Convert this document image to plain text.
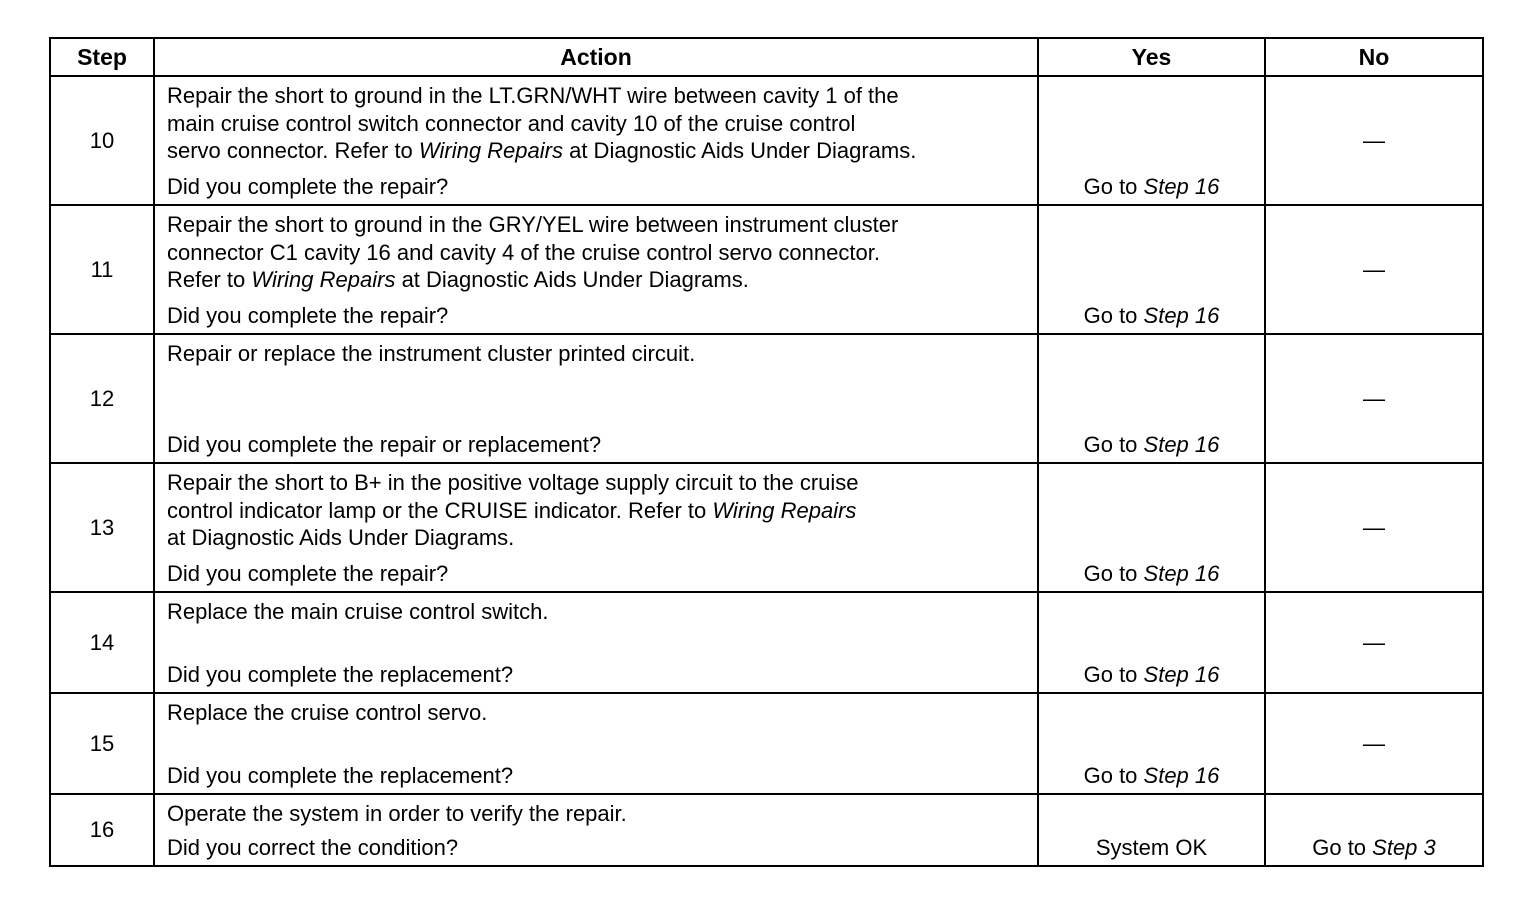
Step	Action	Yes	No
10	Repair the short to ground in the LT.GRN/WHT wire between cavity 1 of the
main cruise control switch connector and cavity 10 of the cruise control
servo connector. Refer to Wiring Repairs at Diagnostic Aids Under Diagrams.
Did you complete the repair?	Go to Step 16	—
11	Repair the short to ground in the GRY/YEL wire between instrument cluster
connector C1 cavity 16 and cavity 4 of the cruise control servo connector.
Refer to Wiring Repairs at Diagnostic Aids Under Diagrams.
Did you complete the repair?	Go to Step 16	—
12	Repair or replace the instrument cluster printed circuit.
Did you complete the repair or replacement?	Go to Step 16	—
13	Repair the short to B+ in the positive voltage supply circuit to the cruise
control indicator lamp or the CRUISE indicator. Refer to Wiring Repairs
at Diagnostic Aids Under Diagrams.
Did you complete the repair?	Go to Step 16	—
14	Replace the main cruise control switch.
Did you complete the replacement?	Go to Step 16	—
15	Replace the cruise control servo.
Did you complete the replacement?	Go to Step 16	—
16	Operate the system in order to verify the repair.
Did you correct the condition?	System OK	Go to Step 3
